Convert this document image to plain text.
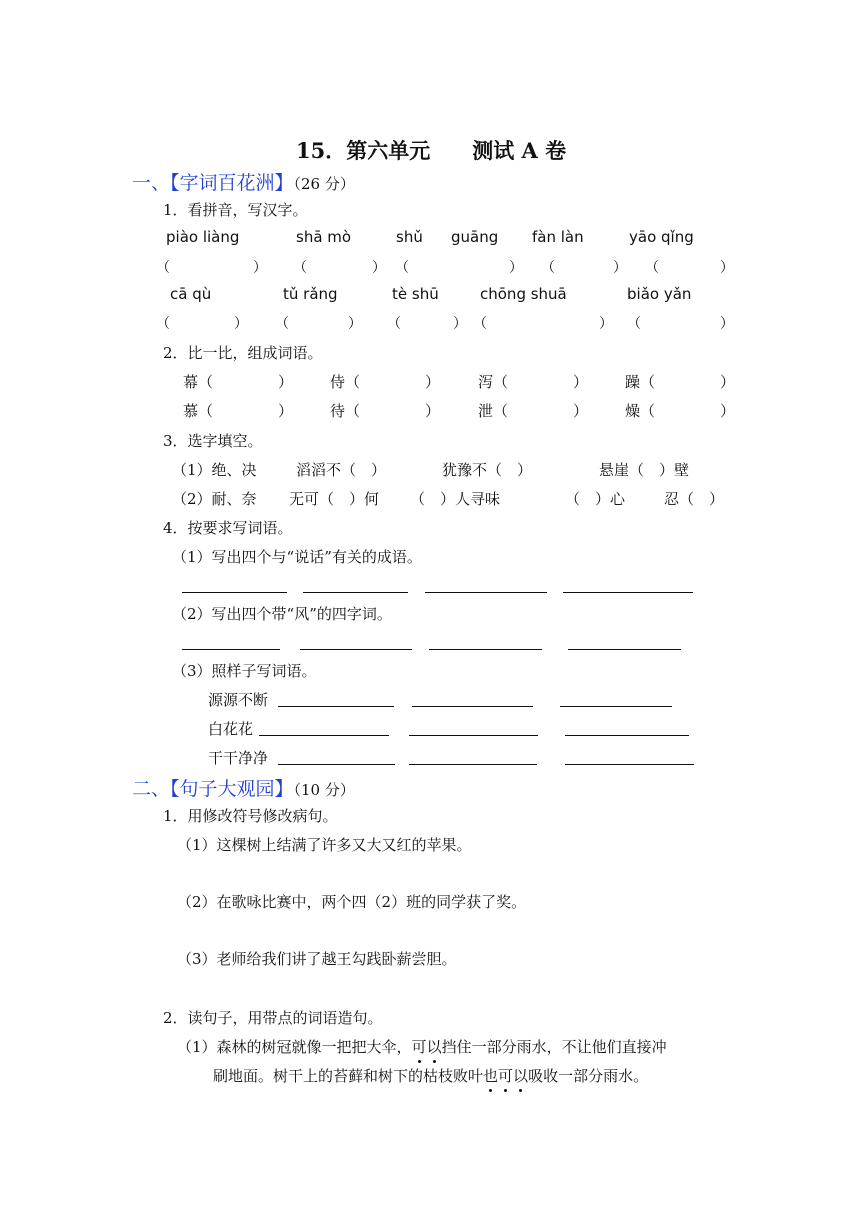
15．第六单元　　测试 A 卷
一、【字词百花洲】（26 分）
1．看拼音，写汉字。
piào liàng	shā mò	shǔ guāng fàn làn	yāo qǐng
（	） （	） （	） （	） （	）
cā qù	tǔ rǎng	tè shū	chōng shuā	biǎo yǎn
（	） （	） （	） （	） （	）
2．比一比，组成词语。
幕（	） 侍（	）	泻（	） 躁（	）
慕（	） 待（	）	泄（	） 燥（	）
3．选字填空。
（1）绝、决	滔滔不（　）	犹豫不（　）	悬崖（　）壁
（2）耐、奈 无可（　）何 （　）人寻味	（　）心	忍（　）
4．按要求写词语。
（1）写出四个与“说话”有关的成语。
（2）写出四个带“风”的四字词。
（3）照样子写词语。
源源不断
白花花
干干净净
二、【句子大观园】（10 分）
1．用修改符号修改病句。
（1）这棵树上结满了许多又大又红的苹果。
（2）在歌咏比赛中，两个四（2）班的同学获了奖。
（3）老师给我们讲了越王勾践卧薪尝胆。
2．读句子，用带点的词语造句。
（1）森林的树冠就像一把把大伞，可以挡住一部分雨水，不让他们直接冲
刷地面。树干上的苔藓和树下的枯枝败叶也可以吸收一部分雨水。
